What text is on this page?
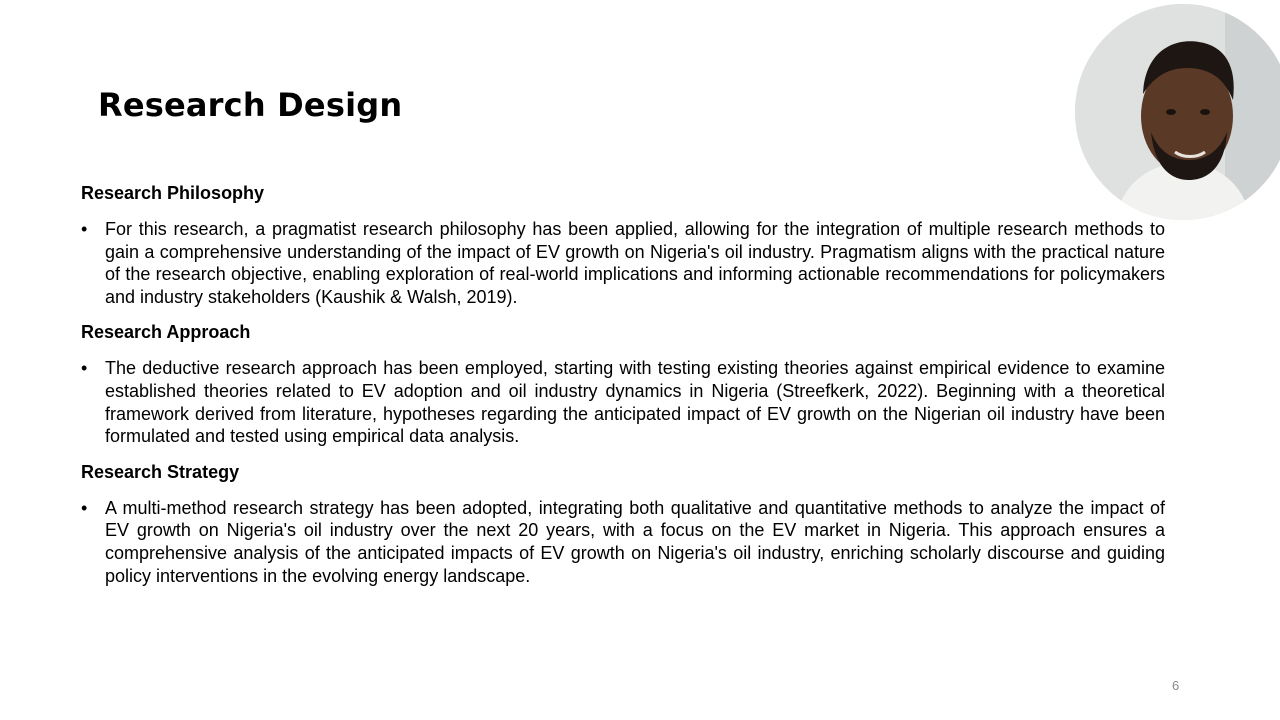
Research Design
Research Philosophy
• For this research, a pragmatist research philosophy has been applied, allowing for the integration of multiple research methods to gain a comprehensive understanding of the impact of EV growth on Nigeria's oil industry. Pragmatism aligns with the practical nature of the research objective, enabling exploration of real-world implications and informing actionable recommendations for policymakers and industry stakeholders (Kaushik & Walsh, 2019).
Research Approach
• The deductive research approach has been employed, starting with testing existing theories against empirical evidence to examine established theories related to EV adoption and oil industry dynamics in Nigeria (Streefkerk, 2022). Beginning with a theoretical framework derived from literature, hypotheses regarding the anticipated impact of EV growth on the Nigerian oil industry have been formulated and tested using empirical data analysis.
Research Strategy
• A multi-method research strategy has been adopted, integrating both qualitative and quantitative methods to analyze the impact of EV growth on Nigeria's oil industry over the next 20 years, with a focus on the EV market in Nigeria. This approach ensures a comprehensive analysis of the anticipated impacts of EV growth on Nigeria's oil industry, enriching scholarly discourse and guiding policy interventions in the evolving energy landscape.
6
